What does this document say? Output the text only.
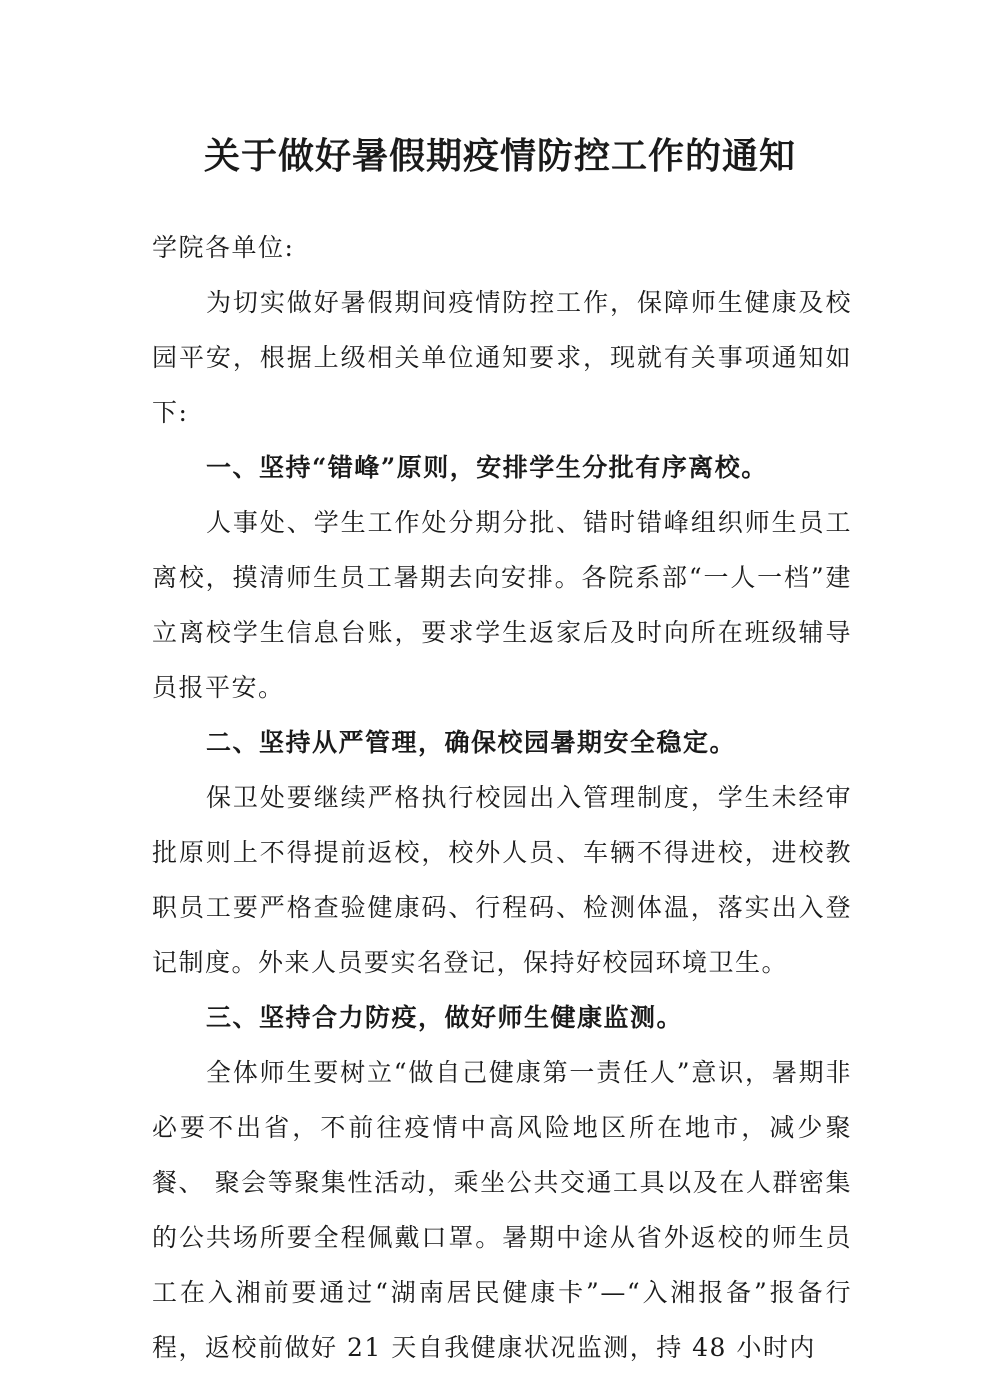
关于做好暑假期疫情防控工作的通知

学院各单位:

为切实做好暑假期间疫情防控工作，保障师生健康及校园平安，根据上级相关单位通知要求，现就有关事项通知如下:

一、坚持“错峰”原则，安排学生分批有序离校。

人事处、学生工作处分期分批、错时错峰组织师生员工离校，摸清师生员工暑期去向安排。各院系部“一人一档”建立离校学生信息台账，要求学生返家后及时向所在班级辅导员报平安。

二、坚持从严管理，确保校园暑期安全稳定。

保卫处要继续严格执行校园出入管理制度，学生未经审批原则上不得提前返校，校外人员、车辆不得进校，进校教职员工要严格查验健康码、行程码、检测体温，落实出入登记制度。外来人员要实名登记，保持好校园环境卫生。

三、坚持合力防疫，做好师生健康监测。

全体师生要树立“做自己健康第一责任人”意识，暑期非必要不出省，不前往疫情中高风险地区所在地市，减少聚餐、 聚会等聚集性活动，乘坐公共交通工具以及在人群密集的公共场所要全程佩戴口罩。暑期中途从省外返校的师生员工在入湘前要通过“湖南居民健康卡”—“入湘报备”报备行程，返校前做好 21 天自我健康状况监测，持 48 小时内
